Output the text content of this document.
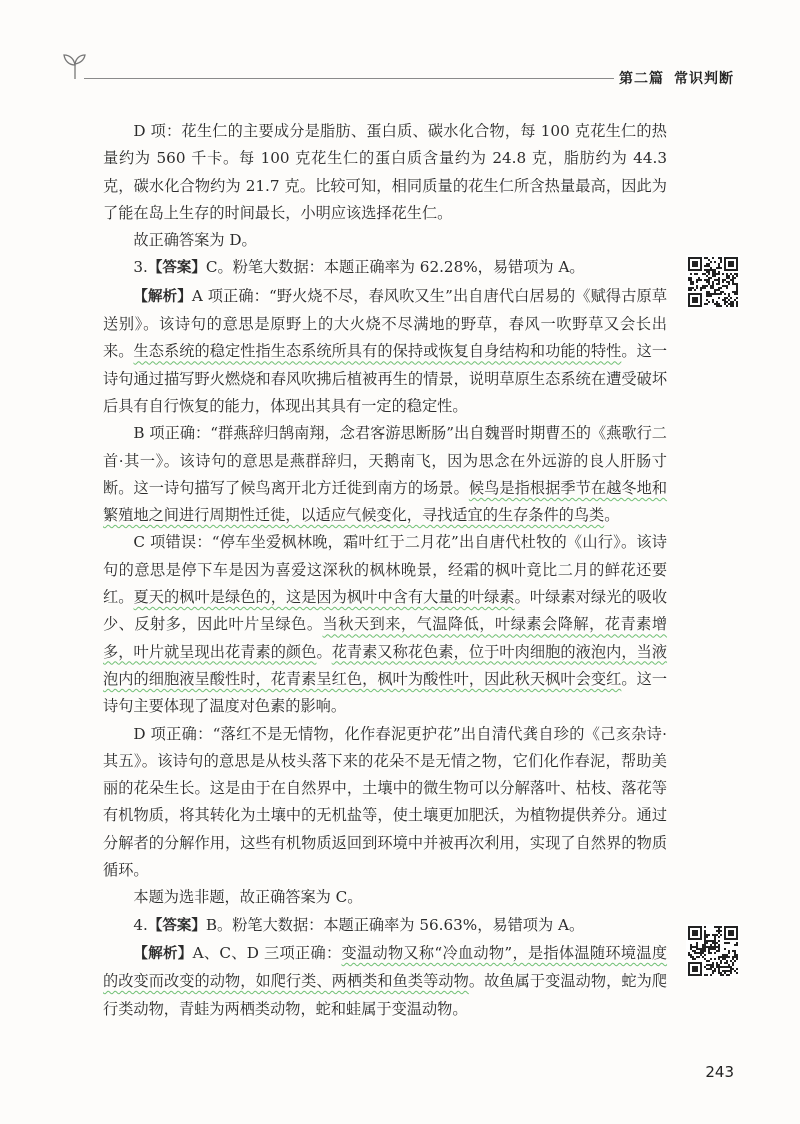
第二篇 常识判断

D 项：花生仁的主要成分是脂肪、蛋白质、碳水化合物，每 100 克花生仁的热量约为 560 千卡。每 100 克花生仁的蛋白质含量约为 24.8 克，脂肪约为 44.3 克，碳水化合物约为 21.7 克。比较可知，相同质量的花生仁所含热量最高，因此为了能在岛上生存的时间最长，小明应该选择花生仁。

故正确答案为 D。

3.【答案】C。粉笔大数据：本题正确率为 62.28%，易错项为 A。

【解析】A 项正确：“野火烧不尽，春风吹又生”出自唐代白居易的《赋得古原草送别》。该诗句的意思是原野上的大火烧不尽满地的野草，春风一吹野草又会长出来。生态系统的稳定性指生态系统所具有的保持或恢复自身结构和功能的特性。这一诗句通过描写野火燃烧和春风吹拂后植被再生的情景，说明草原生态系统在遭受破坏后具有自行恢复的能力，体现出其具有一定的稳定性。

B 项正确：“群燕辞归鹄南翔，念君客游思断肠”出自魏晋时期曹丕的《燕歌行二首·其一》。该诗句的意思是燕群辞归，天鹅南飞，因为思念在外远游的良人肝肠寸断。这一诗句描写了候鸟离开北方迁徙到南方的场景。候鸟是指根据季节在越冬地和繁殖地之间进行周期性迁徙，以适应气候变化，寻找适宜的生存条件的鸟类。

C 项错误：“停车坐爱枫林晚，霜叶红于二月花”出自唐代杜牧的《山行》。该诗句的意思是停下车是因为喜爱这深秋的枫林晚景，经霜的枫叶竟比二月的鲜花还要红。夏天的枫叶是绿色的，这是因为枫叶中含有大量的叶绿素。叶绿素对绿光的吸收少、反射多，因此叶片呈绿色。当秋天到来，气温降低，叶绿素会降解，花青素增多，叶片就呈现出花青素的颜色。花青素又称花色素，位于叶肉细胞的液泡内，当液泡内的细胞液呈酸性时，花青素呈红色，枫叶为酸性叶，因此秋天枫叶会变红。这一诗句主要体现了温度对色素的影响。

D 项正确：“落红不是无情物，化作春泥更护花”出自清代龚自珍的《己亥杂诗·其五》。该诗句的意思是从枝头落下来的花朵不是无情之物，它们化作春泥，帮助美丽的花朵生长。这是由于在自然界中，土壤中的微生物可以分解落叶、枯枝、落花等有机物质，将其转化为土壤中的无机盐等，使土壤更加肥沃，为植物提供养分。通过分解者的分解作用，这些有机物质返回到环境中并被再次利用，实现了自然界的物质循环。

本题为选非题，故正确答案为 C。

4.【答案】B。粉笔大数据：本题正确率为 56.63%，易错项为 A。

【解析】A、C、D 三项正确：变温动物又称“冷血动物”，是指体温随环境温度的改变而改变的动物，如爬行类、两栖类和鱼类等动物。故鱼属于变温动物，蛇为爬行类动物，青蛙为两栖类动物，蛇和蛙属于变温动物。

243
